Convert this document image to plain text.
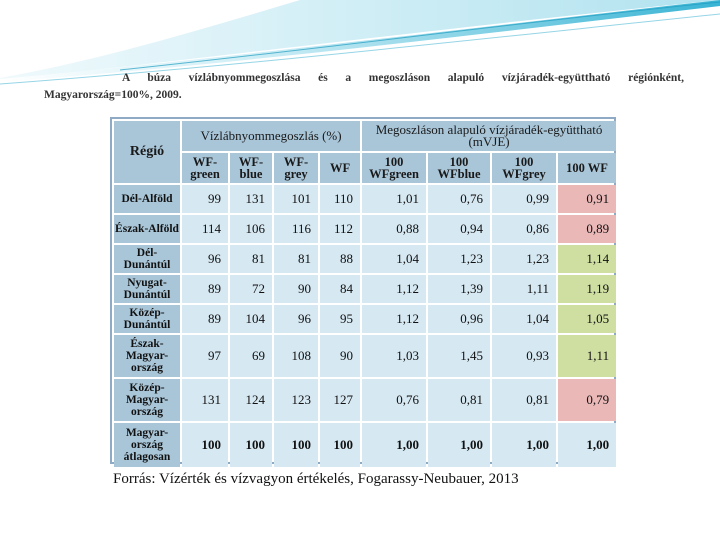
A búza vízlábnyommegoszlása és a megoszláson alapuló vízjáradék-együttható régiónként,
Magyarország=100%, 2009.
Régió	Vízlábnyommegoszlás (%)				Megoszláson alapuló vízjáradék-együttható (mVJE)			
	WF-green	WF-blue	WF-grey	WF	100 WFgreen	100 WFblue	100 WFgrey	100 WF
Dél-Alföld	99	131	101	110	1,01	0,76	0,99	0,91
Észak-Alföld	114	106	116	112	0,88	0,94	0,86	0,89
Dél-Dunántúl	96	81	81	88	1,04	1,23	1,23	1,14
Nyugat-Dunántúl	89	72	90	84	1,12	1,39	1,11	1,19
Közép-Dunántúl	89	104	96	95	1,12	0,96	1,04	1,05
Észak-Magyar-ország	97	69	108	90	1,03	1,45	0,93	1,11
Közép-Magyar-ország	131	124	123	127	0,76	0,81	0,81	0,79
Magyar-ország átlagosan	100	100	100	100	1,00	1,00	1,00	1,00
Forrás: Vízérték és vízvagyon értékelés, Fogarassy-Neubauer, 2013
